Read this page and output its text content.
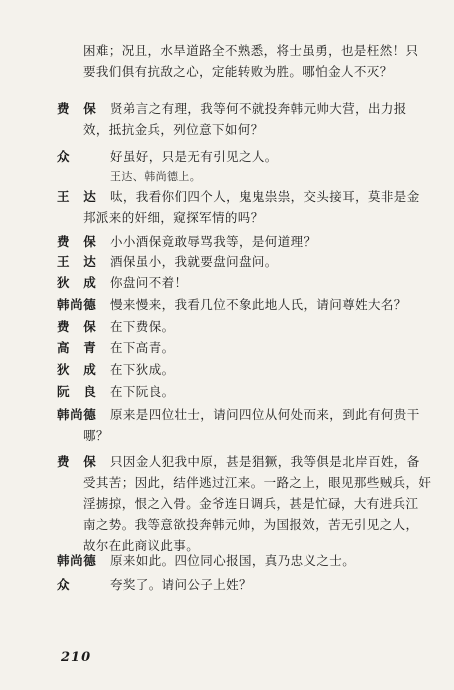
困难；况且，水旱道路全不熟悉，将士虽勇，也是枉然！只
要我们俱有抗敌之心，定能转败为胜。哪怕金人不灭？
费　保 贤弟言之有理，我等何不就投奔韩元帅大营，出力报
效，抵抗金兵，列位意下如何？
众	好虽好，只是无有引见之人。
王达、韩尚德上。
王　达 呔，我看你们四个人，鬼鬼祟祟，交头接耳，莫非是金
邦派来的奸细，窥探军情的吗？
费　保 小小酒保竟敢辱骂我等，是何道理？
王　达 酒保虽小，我就要盘问盘问。
狄　成 你盘问不着！
韩尚德 慢来慢来，我看几位不象此地人氏，请问尊姓大名？
费　保 在下费保。
高　青 在下高青。
狄　成 在下狄成。
阮　良 在下阮良。
韩尚德 原来是四位壮士，请问四位从何处而来，到此有何贵干
哪？
费　保 只因金人犯我中原，甚是猖獗，我等俱是北岸百姓，备
受其苦；因此，结伴逃过江来。一路之上，眼见那些贼兵，奸
淫掳掠，恨之入骨。金爷连日调兵，甚是忙碌，大有进兵江
南之势。我等意欲投奔韩元帅，为国报效，苦无引见之人，
故尔在此商议此事。
韩尚德 原来如此。四位同心报国，真乃忠义之士。
众	夸奖了。请问公子上姓？
210
